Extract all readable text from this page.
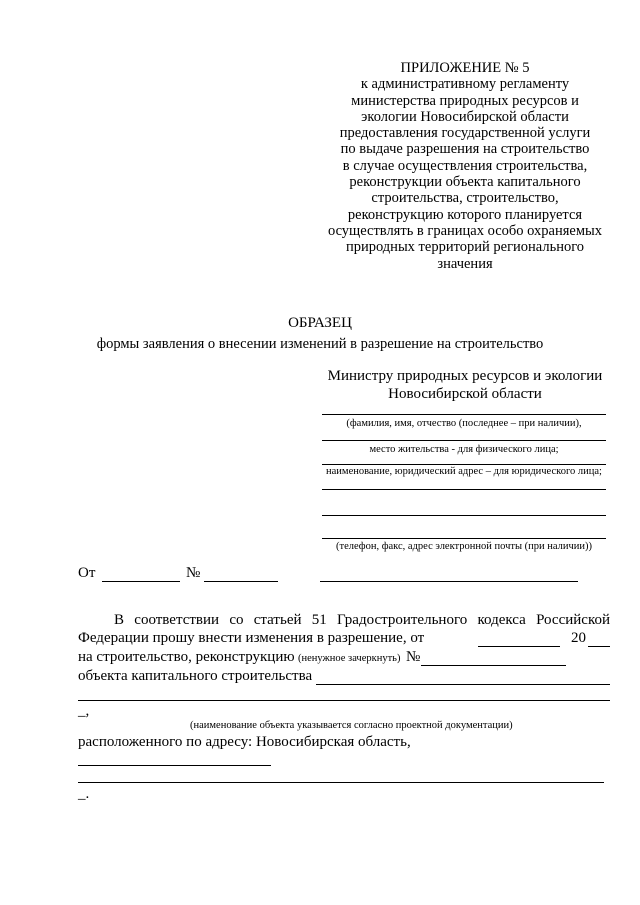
ПРИЛОЖЕНИЕ № 5
к административному регламенту
министерства природных ресурсов и
экологии Новосибирской области
предоставления государственной услуги
по выдаче разрешения на строительство
в случае осуществления строительства,
реконструкции объекта капитального
строительства, строительство,
реконструкцию которого планируется
осуществлять в границах особо охраняемых
природных территорий регионального
значения
ОБРАЗЕЦ
формы заявления о внесении изменений в разрешение на строительство
Министру природных ресурсов и экологии
Новосибирской области
(фамилия, имя, отчество (последнее – при наличии),
место жительства - для физического лица;
наименование, юридический адрес – для юридического лица;
(телефон, факс, адрес электронной почты (при наличии))
От	№
В соответствии со статьей 51 Градостроительного кодекса Российской
Федерации прошу внести изменения в разрешение, от	20
на строительство, реконструкцию (ненужное зачеркнуть) №
объекта капитального строительства
_,
(наименование объекта указывается согласно проектной документации)
расположенного по адресу: Новосибирская область,
_.
